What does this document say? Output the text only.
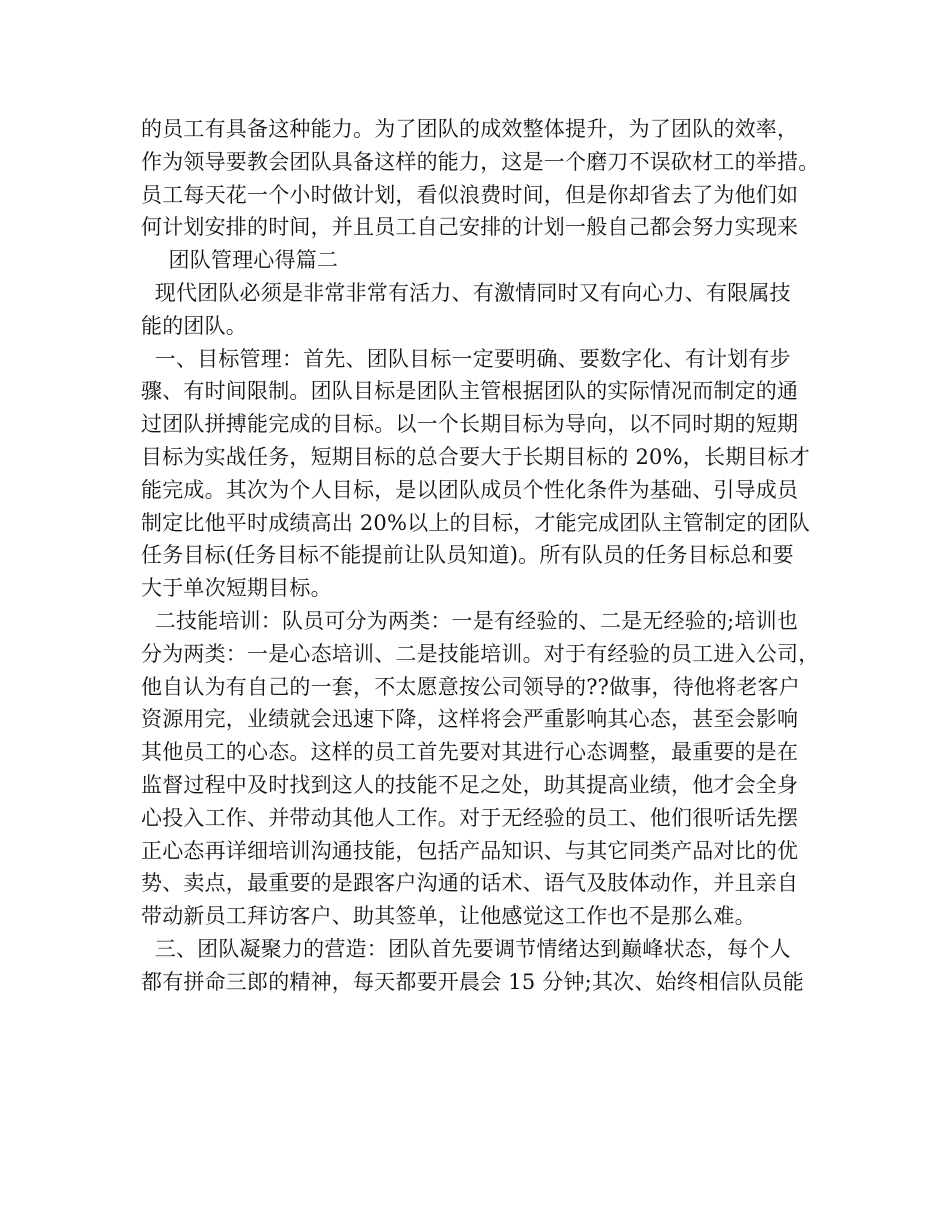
的员工有具备这种能力。为了团队的成效整体提升，为了团队的效率，
作为领导要教会团队具备这样的能力，这是一个磨刀不误砍材工的举措。
员工每天花一个小时做计划，看似浪费时间，但是你却省去了为他们如
何计划安排的时间，并且员工自己安排的计划一般自己都会努力实现来
团队管理心得篇二
现代团队必须是非常非常有活力、有激情同时又有向心力、有限属技
能的团队。
一、目标管理：首先、团队目标一定要明确、要数字化、有计划有步
骤、有时间限制。团队目标是团队主管根据团队的实际情况而制定的通
过团队拼搏能完成的目标。以一个长期目标为导向，以不同时期的短期
目标为实战任务，短期目标的总合要大于长期目标的 20%，长期目标才
能完成。其次为个人目标，是以团队成员个性化条件为基础、引导成员
制定比他平时成绩高出 20%以上的目标，才能完成团队主管制定的团队
任务目标(任务目标不能提前让队员知道)。所有队员的任务目标总和要
大于单次短期目标。
二技能培训：队员可分为两类：一是有经验的、二是无经验的;培训也
分为两类：一是心态培训、二是技能培训。对于有经验的员工进入公司，
他自认为有自己的一套，不太愿意按公司领导的??做事，待他将老客户
资源用完，业绩就会迅速下降，这样将会严重影响其心态，甚至会影响
其他员工的心态。这样的员工首先要对其进行心态调整，最重要的是在
监督过程中及时找到这人的技能不足之处，助其提高业绩，他才会全身
心投入工作、并带动其他人工作。对于无经验的员工、他们很听话先摆
正心态再详细培训沟通技能，包括产品知识、与其它同类产品对比的优
势、卖点，最重要的是跟客户沟通的话术、语气及肢体动作，并且亲自
带动新员工拜访客户、助其签单，让他感觉这工作也不是那么难。
三、团队凝聚力的营造：团队首先要调节情绪达到巅峰状态，每个人
都有拼命三郎的精神，每天都要开晨会 15 分钟;其次、始终相信队员能
